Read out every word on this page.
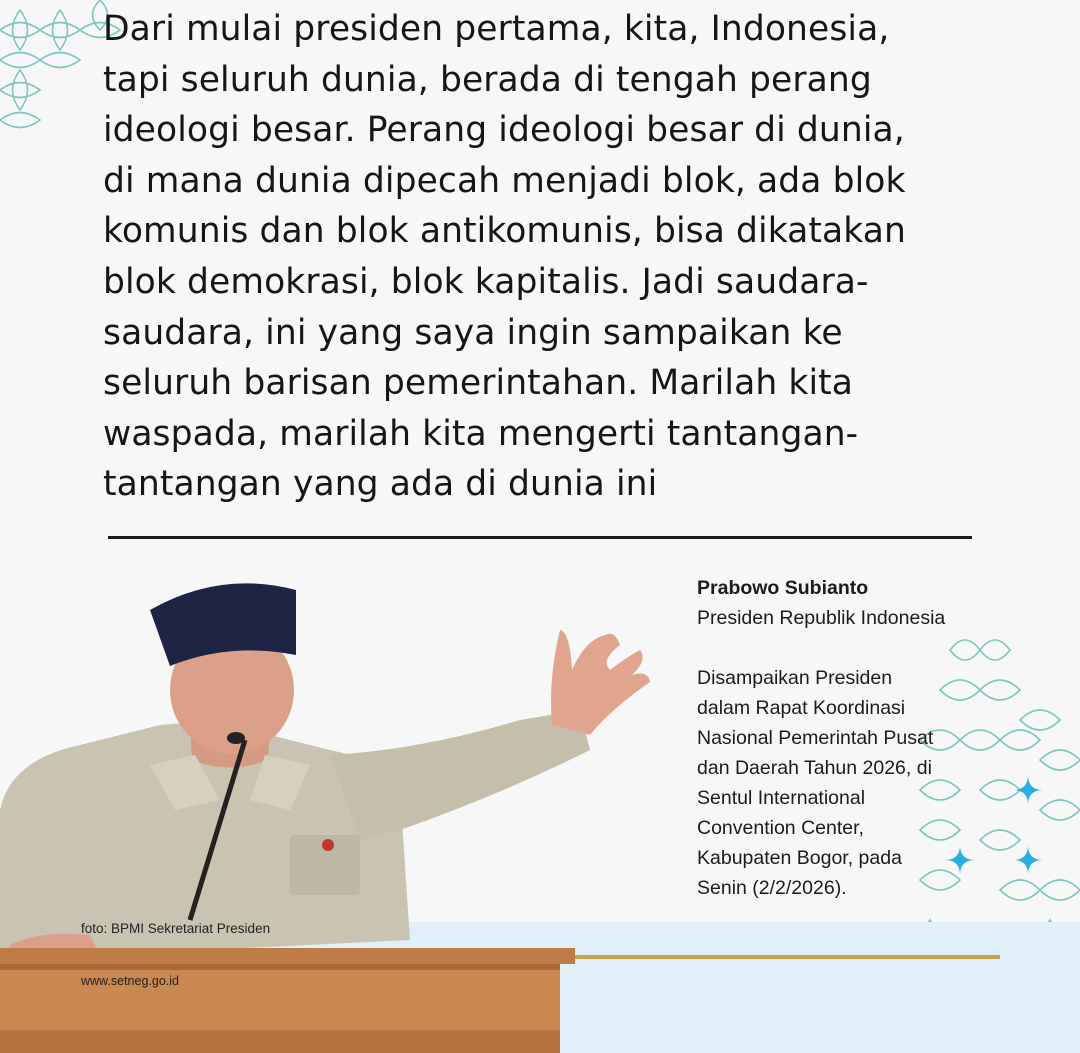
Dari mulai presiden pertama, kita, Indonesia,
tapi seluruh dunia, berada di tengah perang
ideologi besar. Perang ideologi besar di dunia,
di mana dunia dipecah menjadi blok, ada blok
komunis dan blok antikomunis, bisa dikatakan
blok demokrasi, blok kapitalis. Jadi saudara-
saudara, ini yang saya ingin sampaikan ke
seluruh barisan pemerintahan. Marilah kita
waspada, marilah kita mengerti tantangan-
tantangan yang ada di dunia ini
Prabowo Subianto
Presiden Republik Indonesia
Disampaikan Presiden
dalam Rapat Koordinasi
Nasional Pemerintah Pusat
dan Daerah Tahun 2026, di
Sentul International
Convention Center,
Kabupaten Bogor, pada
Senin (2/2/2026).
foto: BPMI Sekretariat Presiden
www.setneg.go.id
